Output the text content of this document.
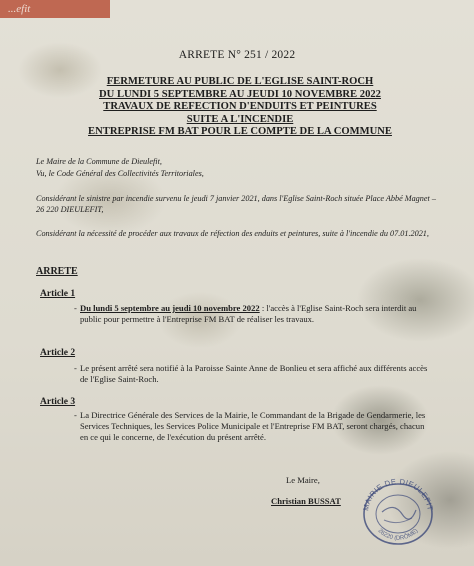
...efit
ARRETE N° 251 / 2022
FERMETURE AU PUBLIC DE L'EGLISE SAINT-ROCH
DU LUNDI 5 SEPTEMBRE AU JEUDI 10 NOVEMBRE 2022
TRAVAUX DE REFECTION D'ENDUITS ET PEINTURES
SUITE A L'INCENDIE
ENTREPRISE FM BAT POUR LE COMPTE DE LA COMMUNE
Le Maire de la Commune de Dieulefit,
Vu, le Code Général des Collectivités Territoriales,
Considérant le sinistre par incendie survenu le jeudi 7 janvier 2021, dans l'Eglise Saint-Roch située Place Abbé Magnet – 26 220 DIEULEFIT,
Considérant la nécessité de procéder aux travaux de réfection des enduits et peintures, suite à l'incendie du 07.01.2021,
ARRETE
Article 1
- Du lundi 5 septembre au jeudi 10 novembre 2022 : l'accès à l'Eglise Saint-Roch sera interdit au public pour permettre à l'Entreprise FM BAT de réaliser les travaux.
Article 2
- Le présent arrêté sera notifié à la Paroisse Sainte Anne de Bonlieu et sera affiché aux différents accès de l'Eglise Saint-Roch.
Article 3
- La Directrice Générale des Services de la Mairie, le Commandant de la Brigade de Gendarmerie, les Services Techniques, les Services Police Municipale et l'Entreprise FM BAT, seront chargés, chacun en ce qui le concerne, de l'exécution du présent arrêté.
Le Maire,
Christian BUSSAT
MAIRIE DE DIEULEFIT
26220 (DRÔME)
